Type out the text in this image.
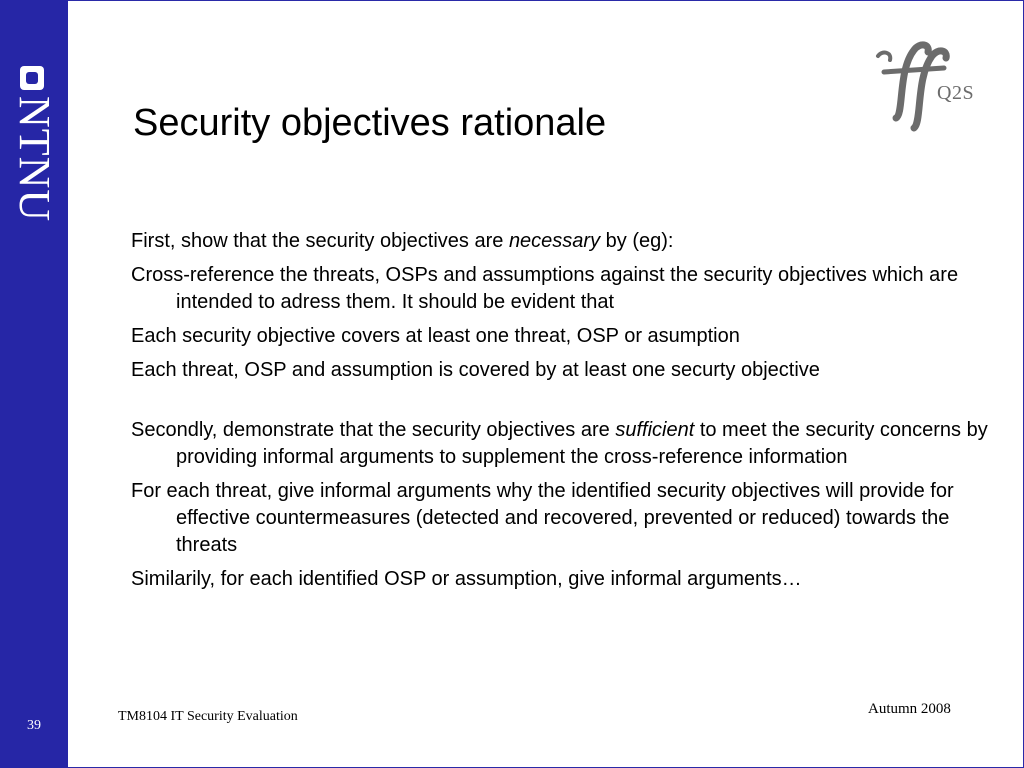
NTNU
39
Q2S
Security objectives rationale

First, show that the security objectives are necessary by (eg):

Cross-reference the threats, OSPs and assumptions against the security objectives which are intended to adress them. It should be evident that

Each security objective covers at least one threat, OSP or asumption

Each threat, OSP and assumption is covered by at least one securty objective

Secondly, demonstrate that the security objectives are sufficient to meet the security concerns by providing informal arguments to supplement the cross-reference information

For each threat, give informal arguments why the identified security objectives will provide for effective countermeasures (detected and recovered, prevented or reduced) towards the threats

Similarily, for each identified OSP or assumption, give informal arguments…

TM8104 IT Security Evaluation	Autumn 2008
